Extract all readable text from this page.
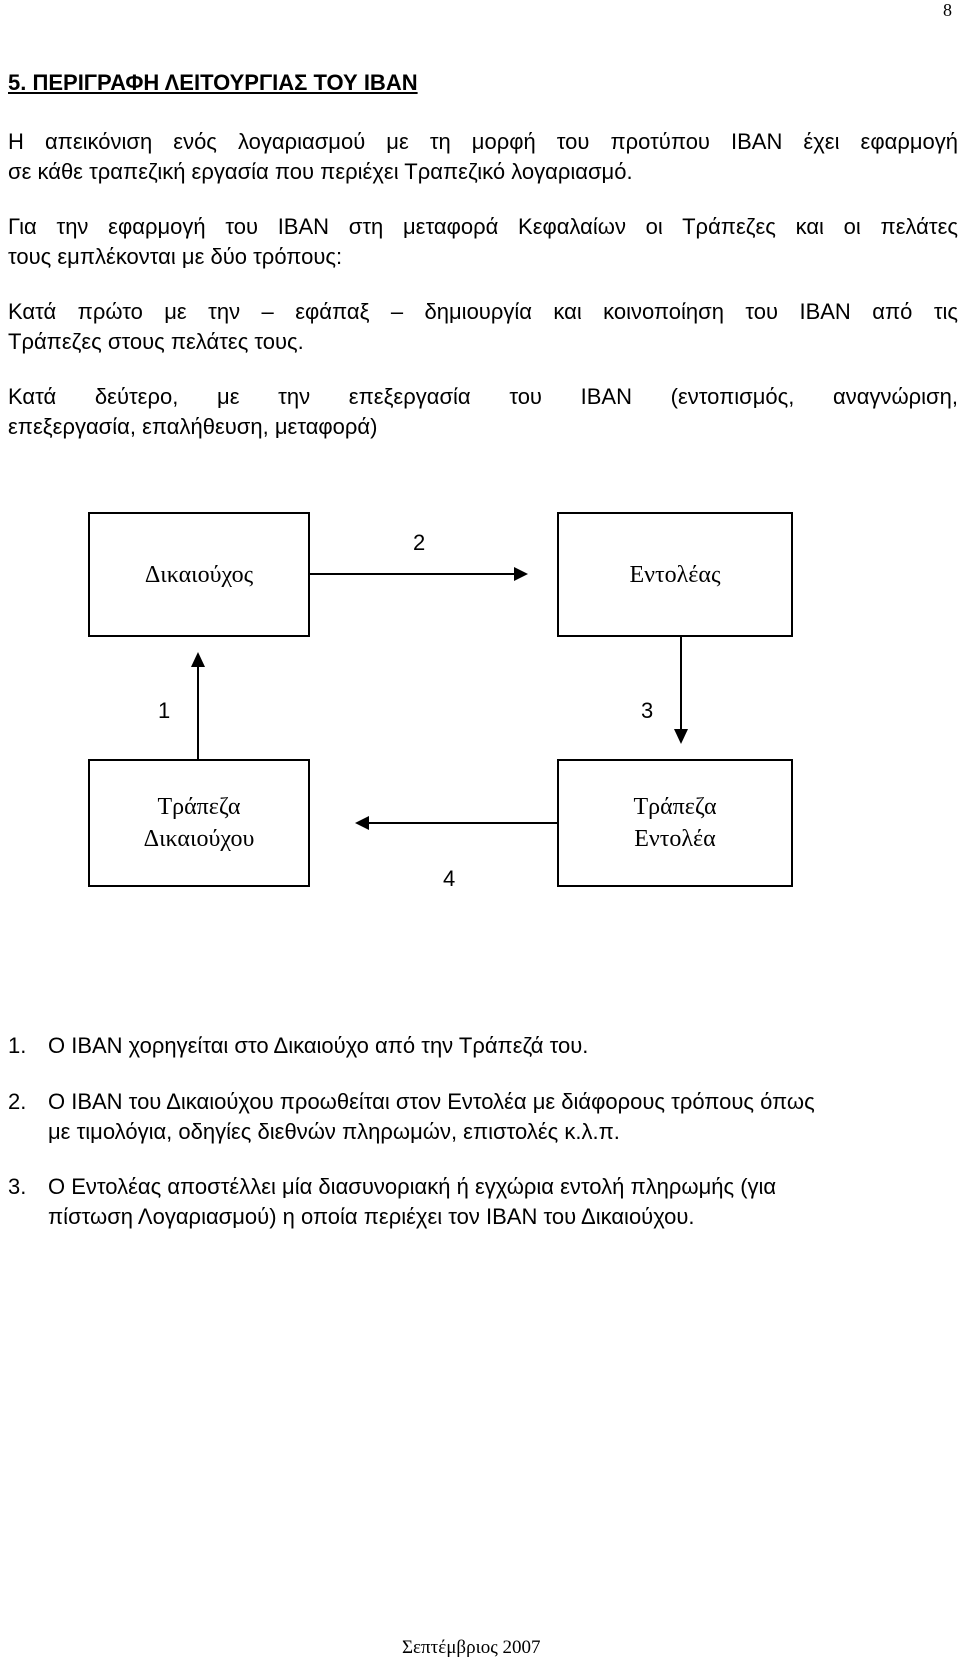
8
5. ΠΕΡΙΓΡΑΦΗ ΛΕΙΤΟΥΡΓΙΑΣ ΤΟΥ IBAN

Η απεικόνιση ενός λογαριασμού με τη μορφή του προτύπου IBAN έχει εφαρμογή

σε κάθε τραπεζική εργασία που περιέχει Τραπεζικό λογαριασμό.

Για την εφαρμογή του IBAN στη μεταφορά Κεφαλαίων οι Τράπεζες και οι πελάτες

τους εμπλέκονται με δύο τρόπους:

Κατά πρώτο με την – εφάπαξ – δημιουργία και κοινοποίηση του IBAN από τις

Τράπεζες στους πελάτες τους.

Κατά δεύτερο, με την επεξεργασία του IBAN (εντοπισμός, αναγνώριση,

επεξεργασία, επαλήθευση, μεταφορά)

Δικαιούχος	Εντολέας
Τράπεζα
Δικαιούχου
Τράπεζα
Εντολέα
2
1	3
4
1. Ο IBAN χορηγείται στο Δικαιούχο από την Τράπεζά του.
2. Ο IBAN του Δικαιούχου προωθείται στον Εντολέα με διάφορους τρόπους όπως
με τιμολόγια, οδηγίες διεθνών πληρωμών, επιστολές κ.λ.π.
3. Ο Εντολέας αποστέλλει μία διασυνοριακή ή εγχώρια εντολή πληρωμής (για
πίστωση Λογαριασμού) η οποία περιέχει τον IBAN του Δικαιούχου.
Σεπτέμβριος 2007
